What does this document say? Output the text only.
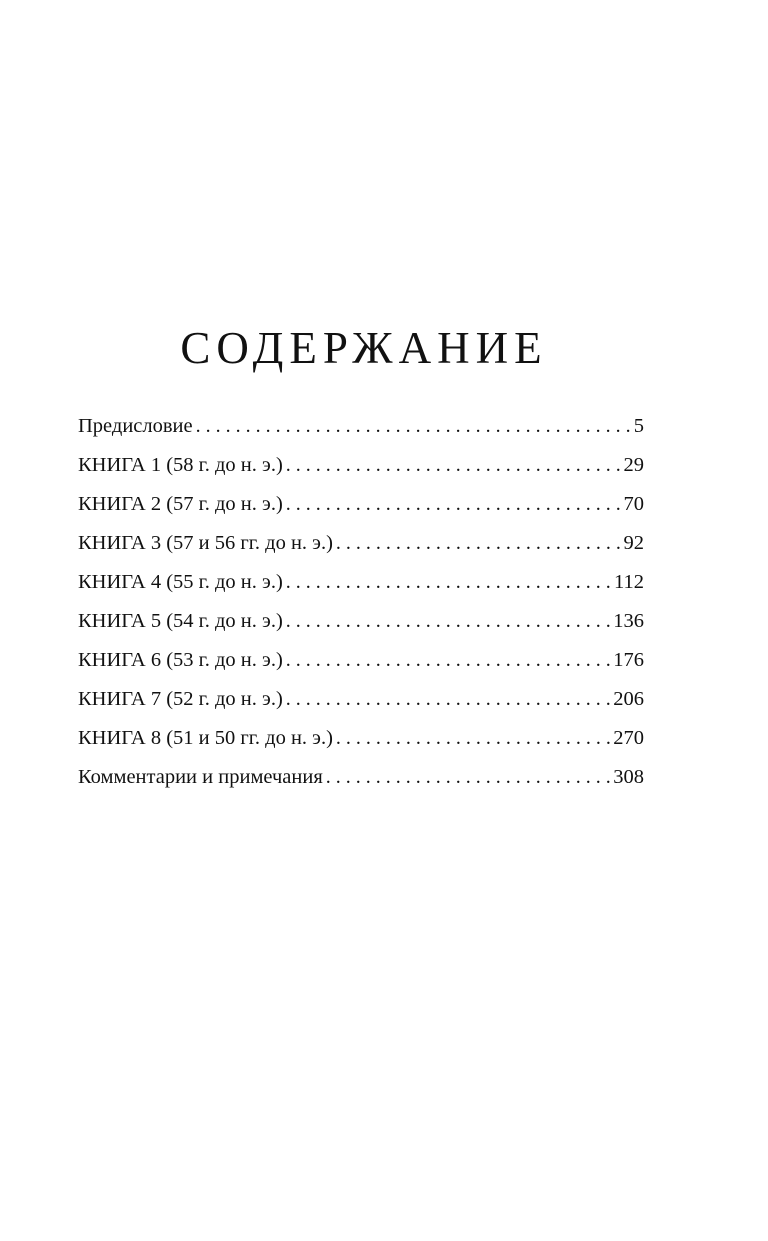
СОДЕРЖАНИЕ
Предисловие . . .	5
КНИГА 1 (58 г. до н. э.) . . .	29
КНИГА 2 (57 г. до н. э.) . . .	70
КНИГА 3 (57 и 56 гг. до н. э.) . . .	92
КНИГА 4 (55 г. до н. э.) . . .	112
КНИГА 5 (54 г. до н. э.) . . .	136
КНИГА 6 (53 г. до н. э.) . . .	176
КНИГА 7 (52 г. до н. э.) . . .	206
КНИГА 8 (51 и 50 гг. до н. э.) . . .	270
Комментарии и примечания . . .	308
